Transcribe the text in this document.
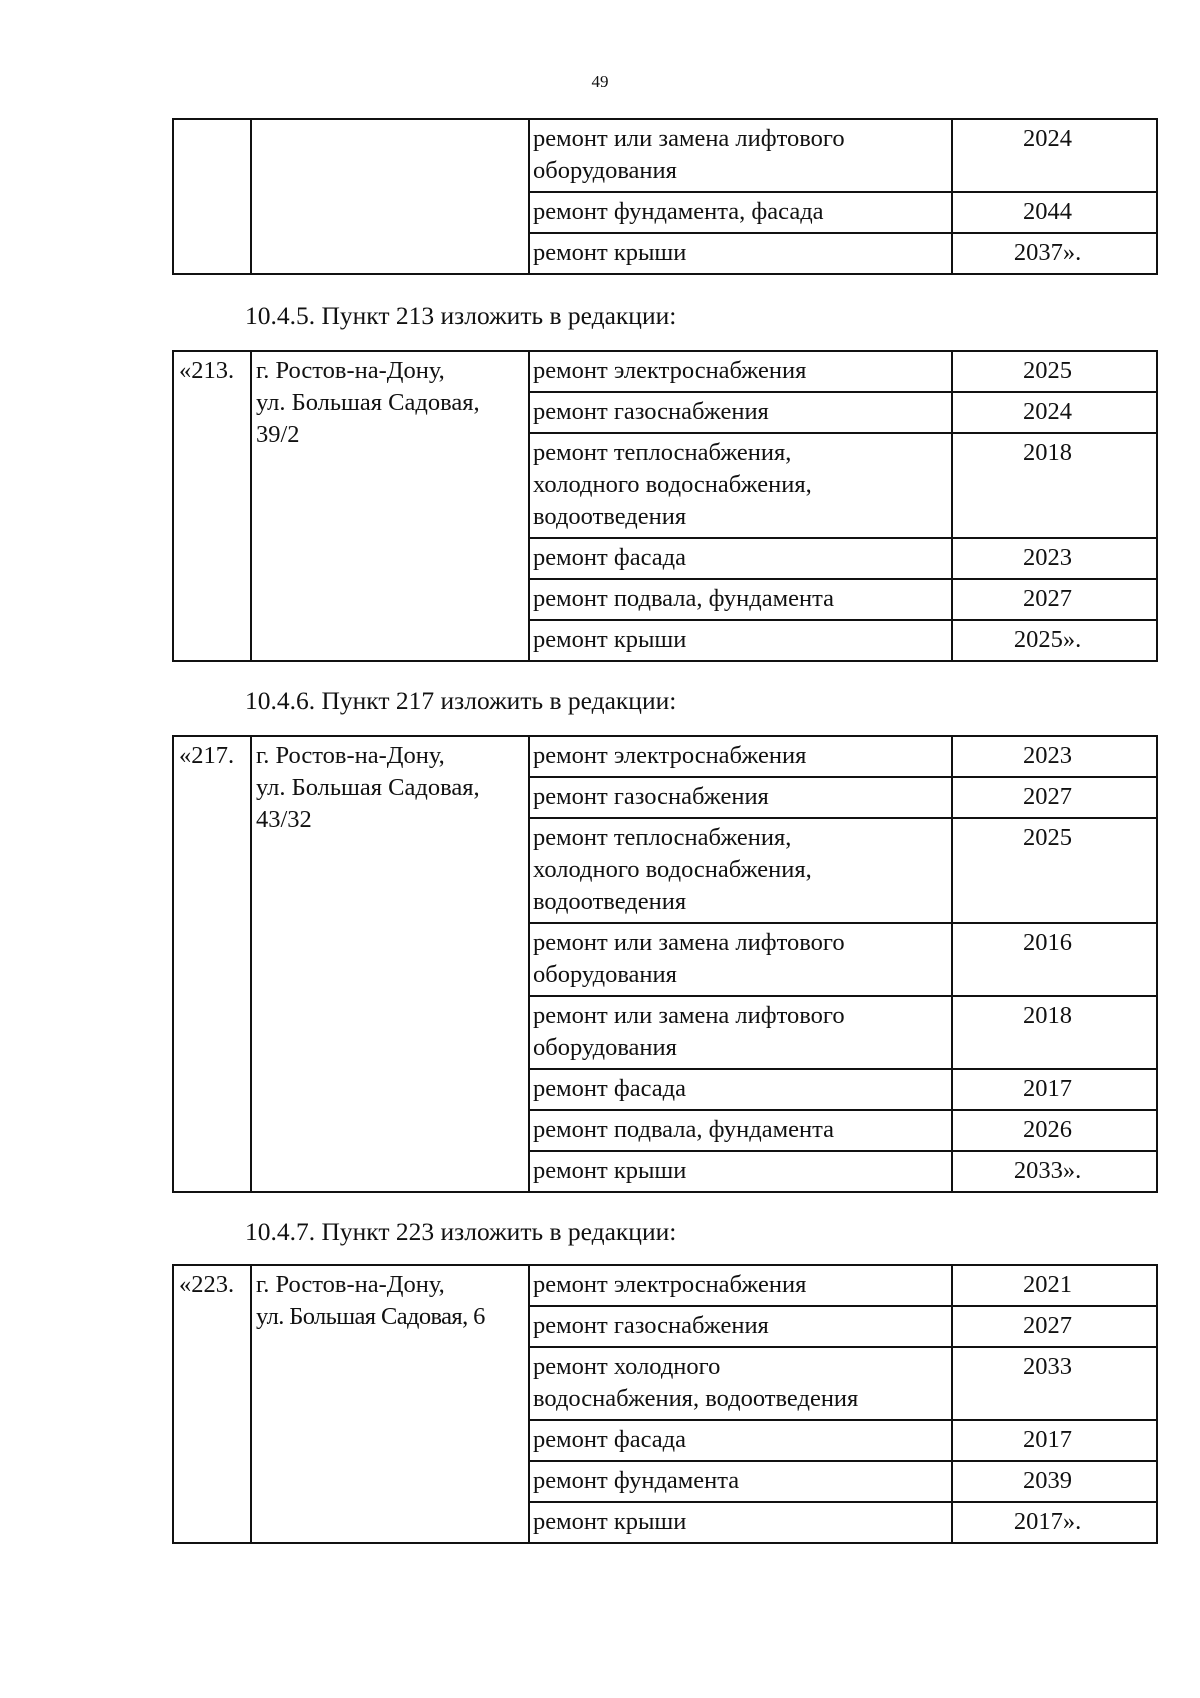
49

		ремонт или замена лифтового
оборудования	2024

		ремонт фундамента, фасада	2044

		ремонт крыши	2037».
10.4.5. Пункт 213 изложить в редакции:
«213.	г. Ростов-на-Дону,
ул. Большая Садовая,
39/2	ремонт электроснабжения	2025

		ремонт газоснабжения	2024

		ремонт теплоснабжения,
холодного водоснабжения,
водоотведения	2018

		ремонт фасада	2023

		ремонт подвала, фундамента	2027

		ремонт крыши	2025».
10.4.6. Пункт 217 изложить в редакции:
«217.	г. Ростов-на-Дону,
ул. Большая Садовая,
43/32	ремонт электроснабжения	2023

		ремонт газоснабжения	2027

		ремонт теплоснабжения,
холодного водоснабжения,
водоотведения	2025

		ремонт или замена лифтового
оборудования	2016

		ремонт или замена лифтового
оборудования	2018

		ремонт фасада	2017

		ремонт подвала, фундамента	2026

		ремонт крыши	2033».
10.4.7. Пункт 223 изложить в редакции:
«223.	г. Ростов-на-Дону,
ул. Большая Садовая, 6	ремонт электроснабжения	2021

		ремонт газоснабжения	2027

		ремонт холодного
водоснабжения, водоотведения	2033

		ремонт фасада	2017

		ремонт фундамента	2039

		ремонт крыши	2017».
